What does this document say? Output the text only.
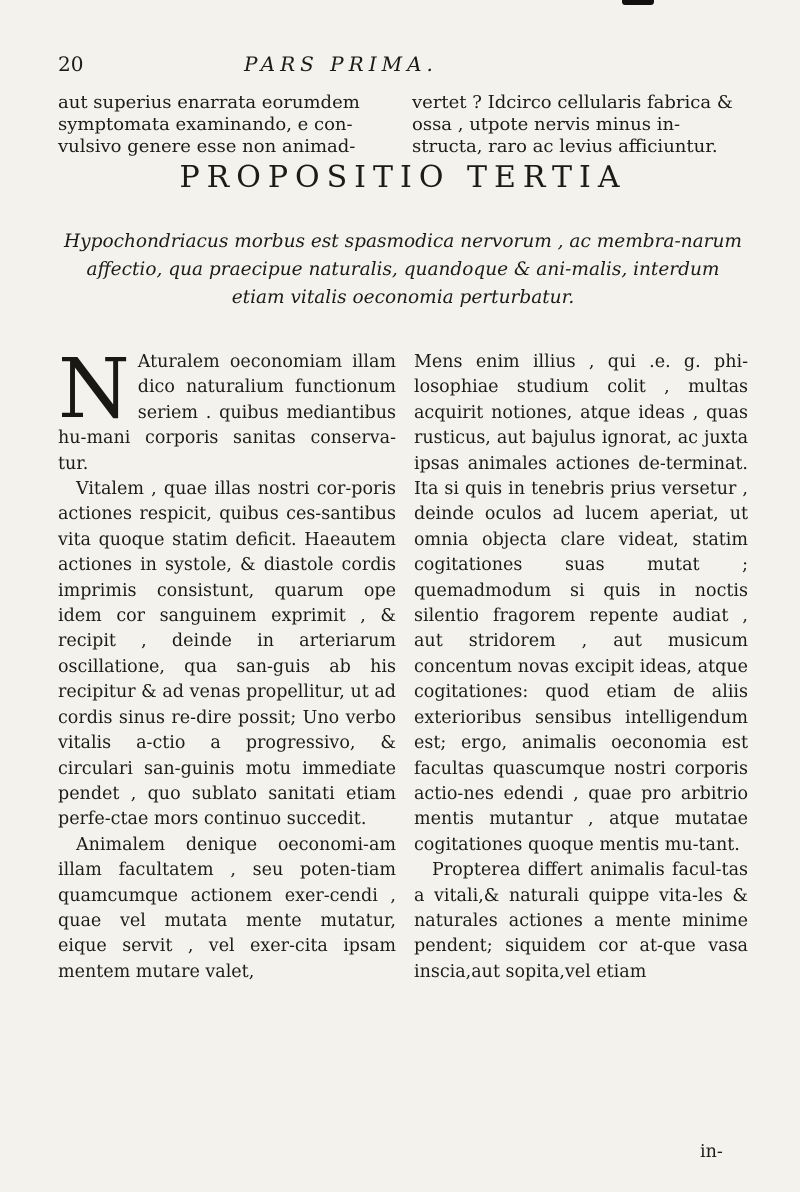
20	PARS PRIMA.
aut superius enarrata eorumdem symptomata examinando, e con-vulsivo genere esse non animad-
vertet ? Idcirco cellularis fabrica & ossa , utpote nervis minus in-structa, raro ac levius afficiuntur.
PROPOSITIO TERTIA
Hypochondriacus morbus est spasmodica nervorum , ac membra-narum affectio, qua praecipue naturalis, quandoque & ani-malis, interdum etiam vitalis oeconomia perturbatur.

N Aturalem oeconomiam illam dico naturalium functionum seriem . quibus mediantibus hu-mani corporis sanitas conserva-tur.

Vitalem , quae illas nostri cor-poris actiones respicit, quibus ces-santibus vita quoque statim deficit. Haeautem actiones in systole, & diastole cordis imprimis consistunt, quarum ope idem cor sanguinem exprimit , & recipit , deinde in arteriarum oscillatione, qua san-guis ab his recipitur & ad venas propellitur, ut ad cordis sinus re-dire possit; Uno verbo vitalis a-ctio a progressivo, & circulari san-guinis motu immediate pendet , quo sublato sanitati etiam perfe-ctae mors continuo succedit.

Animalem denique oeconomi-am illam facultatem , seu poten-tiam quamcumque actionem exer-cendi , quae vel mutata mente mutatur, eique servit , vel exer-cita ipsam mentem mutare valet,

Mens enim illius , qui .e. g. phi-losophiae studium colit , multas acquirit notiones, atque ideas , quas rusticus, aut bajulus ignorat, ac juxta ipsas animales actiones de-terminat. Ita si quis in tenebris prius versetur , deinde oculos ad lucem aperiat, ut omnia objecta clare videat, statim cogitationes suas mutat ; quemadmodum si quis in noctis silentio fragorem repente audiat , aut stridorem , aut musicum concentum novas excipit ideas, atque cogitationes: quod etiam de aliis exterioribus sensibus intelligendum est; ergo, animalis oeconomia est facultas quascumque nostri corporis actio-nes edendi , quae pro arbitrio mentis mutantur , atque mutatae cogitationes quoque mentis mu-tant.

Propterea differt animalis facul-tas a vitali,& naturali quippe vita-les & naturales actiones a mente minime pendent; siquidem cor at-que vasa insciа,aut sopita,vel etiam

in-
